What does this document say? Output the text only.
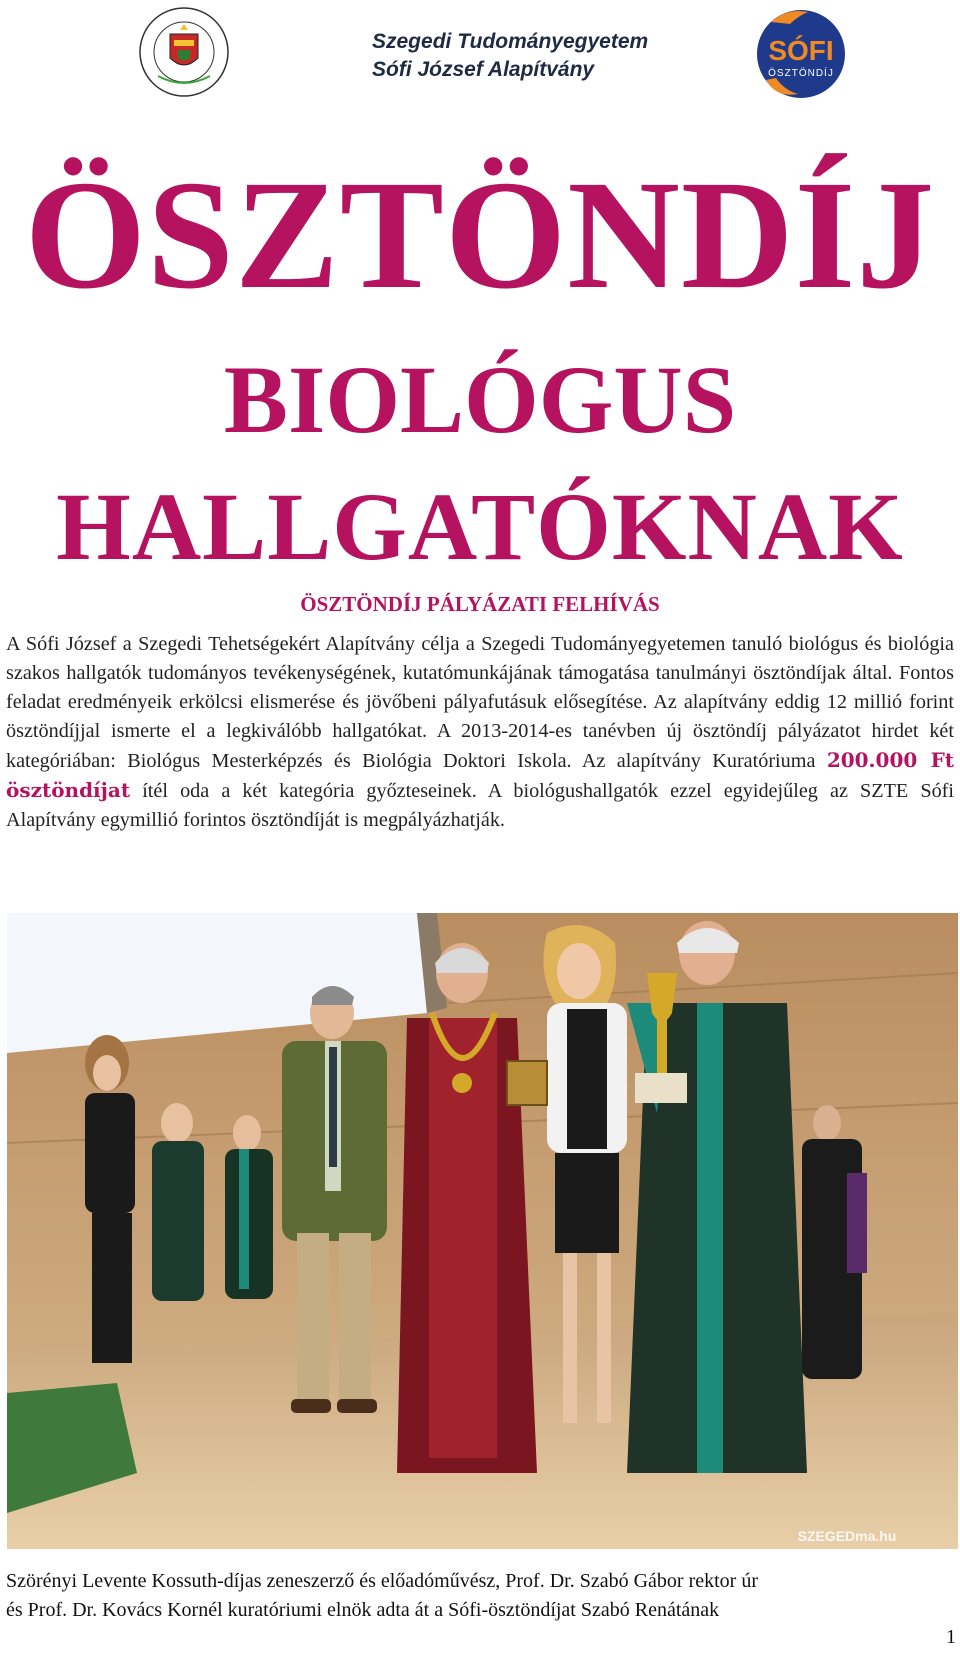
Szegedi Tudományegyetem
Sófi József Alapítvány
SÓFI
ÖSZTÖNDÍJ
ÖSZTÖNDÍJ
BIOLÓGUS
HALLGATÓKNAK
ÖSZTÖNDÍJ PÁLYÁZATI FELHÍVÁS
A Sófi József a Szegedi Tehetségekért Alapítvány célja a Szegedi Tudományegyetemen tanuló biológus és biológia szakos hallgatók tudományos tevékenységének, kutatómunkájának támogatása tanulmányi ösztöndíjak által. Fontos feladat eredményeik erkölcsi elismerése és jövőbeni pályafutásuk elősegítése. Az alapítvány eddig 12 millió forint ösztöndíjjal ismerte el a legkiválóbb hallgatókat. A 2013-2014-es tanévben új ösztöndíj pályázatot hirdet két kategóriában: Biológus Mesterképzés és Biológia Doktori Iskola. Az alapítvány Kuratóriuma 200.000 Ft ösztöndíjat ítél oda a két kategória győzteseinek. A biológushallgatók ezzel egyidejűleg az SZTE Sófi Alapítvány egymillió forintos ösztöndíját is megpályázhatják.
SZEGEDma.hu
Szörényi Levente Kossuth-díjas zeneszerző és előadóművész, Prof. Dr. Szabó Gábor rektor úr
és Prof. Dr. Kovács Kornél kuratóriumi elnök adta át a Sófi-ösztöndíjat Szabó Renátának
1
